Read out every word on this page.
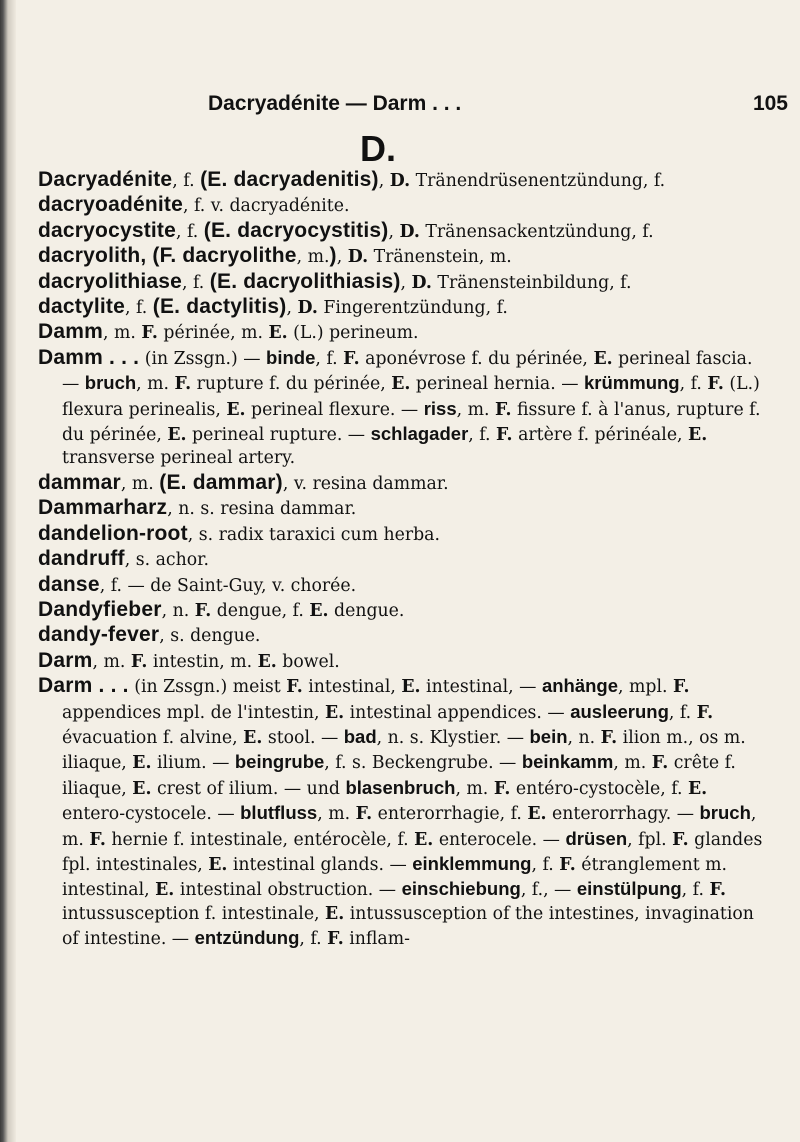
Dacryadénite — Darm . . .	105
D.

Dacryadénite, f. (E. dacryadenitis), D. Tränendrüsenentzündung, f.

dacryoadénite, f. v. dacryadénite.

dacryocystite, f. (E. dacryocystitis), D. Tränensackentzündung, f.

dacryolith, (F. dacryolithe, m.), D. Tränenstein, m.

dacryolithiase, f. (E. dacryolithiasis), D. Tränensteinbildung, f.

dactylite, f. (E. dactylitis), D. Fingerentzündung, f.

Damm, m. F. périnée, m. E. (L.) perineum.

Damm . . . (in Zssgn.) — binde, f. F. aponévrose f. du périnée, E. perineal fascia. — bruch, m. F. rupture f. du périnée, E. perineal hernia. — krümmung, f. F. (L.) flexura perinealis, E. perineal flexure. — riss, m. F. fissure f. à l'anus, rupture f. du périnée, E. perineal rupture. — schlagader, f. F. artère f. périnéale, E. transverse perineal artery.

dammar, m. (E. dammar), v. resina dammar.

Dammarharz, n. s. resina dammar.

dandelion-root, s. radix taraxici cum herba.

dandruff, s. achor.

danse, f. — de Saint-Guy, v. chorée.

Dandyfieber, n. F. dengue, f. E. dengue.

dandy-fever, s. dengue.

Darm, m. F. intestin, m. E. bowel.

Darm . . . (in Zssgn.) meist F. intestinal, E. intestinal, — anhänge, mpl. F. appendices mpl. de l'intestin, E. intestinal appendices. — ausleerung, f. F. évacuation f. alvine, E. stool. — bad, n. s. Klystier. — bein, n. F. ilion m., os m. iliaque, E. ilium. — beingrube, f. s. Beckengrube. — beinkamm, m. F. crête f. iliaque, E. crest of ilium. — und blasenbruch, m. F. entéro-cystocèle, f. E. entero-cystocele. — blutfluss, m. F. enterorrhagie, f. E. enterorrhagy. — bruch, m. F. hernie f. intestinale, entérocèle, f. E. enterocele. — drüsen, fpl. F. glandes fpl. intestinales, E. intestinal glands. — einklemmung, f. F. étranglement m. intestinal, E. intestinal obstruction. — einschiebung, f., — einstülpung, f. F. intussusception f. intestinale, E. intussusception of the intestines, invagination of intestine. — entzündung, f. F. inflam-
